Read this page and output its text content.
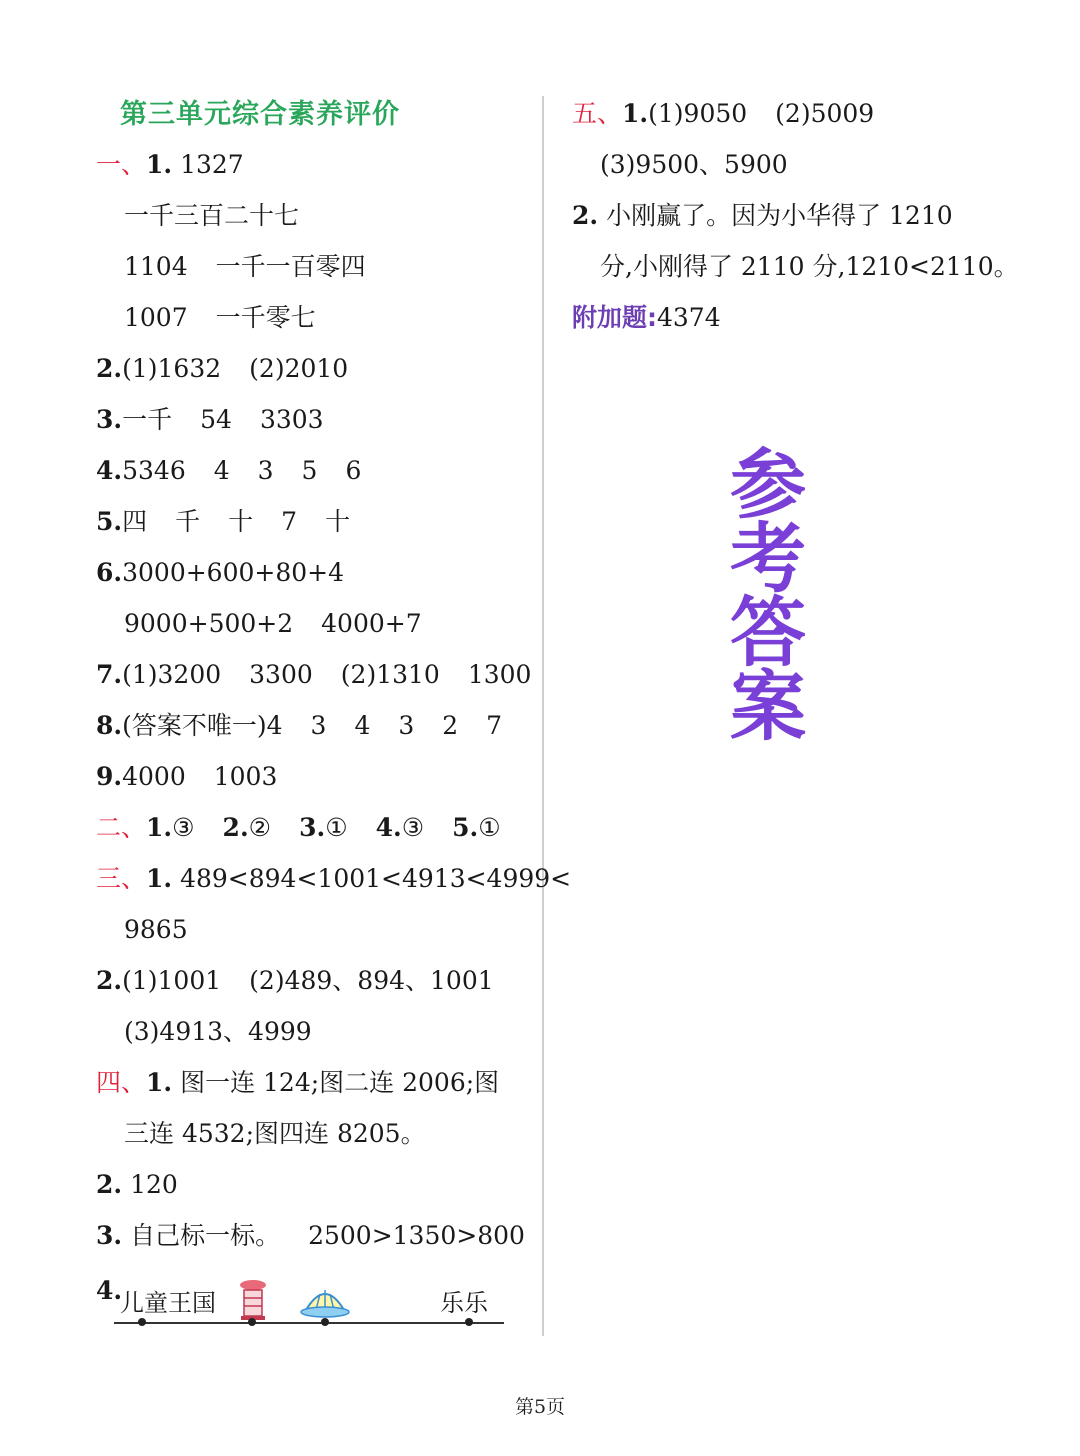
第三单元综合素养评价
一、1. 1327
一千三百二十七
1104 一千一百零四
1007 一千零七
2.(1)1632 (2)2010
3.一千 54 3303
4.5346 4 3 5 6
5.四 千 十 7 十
6.3000+600+80+4
9000+500+2 4000+7
7.(1)3200 3300 (2)1310 1300
8.(答案不唯一)4 3 4 3 2 7
9.4000 1003
二、1.③ 2.② 3.① 4.③ 5.①
三、1. 489<894<1001<4913<4999<
9865
2.(1)1001 (2)489、894、1001
(3)4913、4999
四、1. 图一连 124;图二连 2006;图
三连 4532;图四连 8205。
2. 120
3. 自己标一标。 2500>1350>800
4.
儿童王国	乐乐
五、1.(1)9050 (2)5009
(3)9500、5900
2. 小刚赢了。因为小华得了 1210
分,小刚得了 2110 分,1210<2110。
附加题:4374
参
考
答
案
第5页
